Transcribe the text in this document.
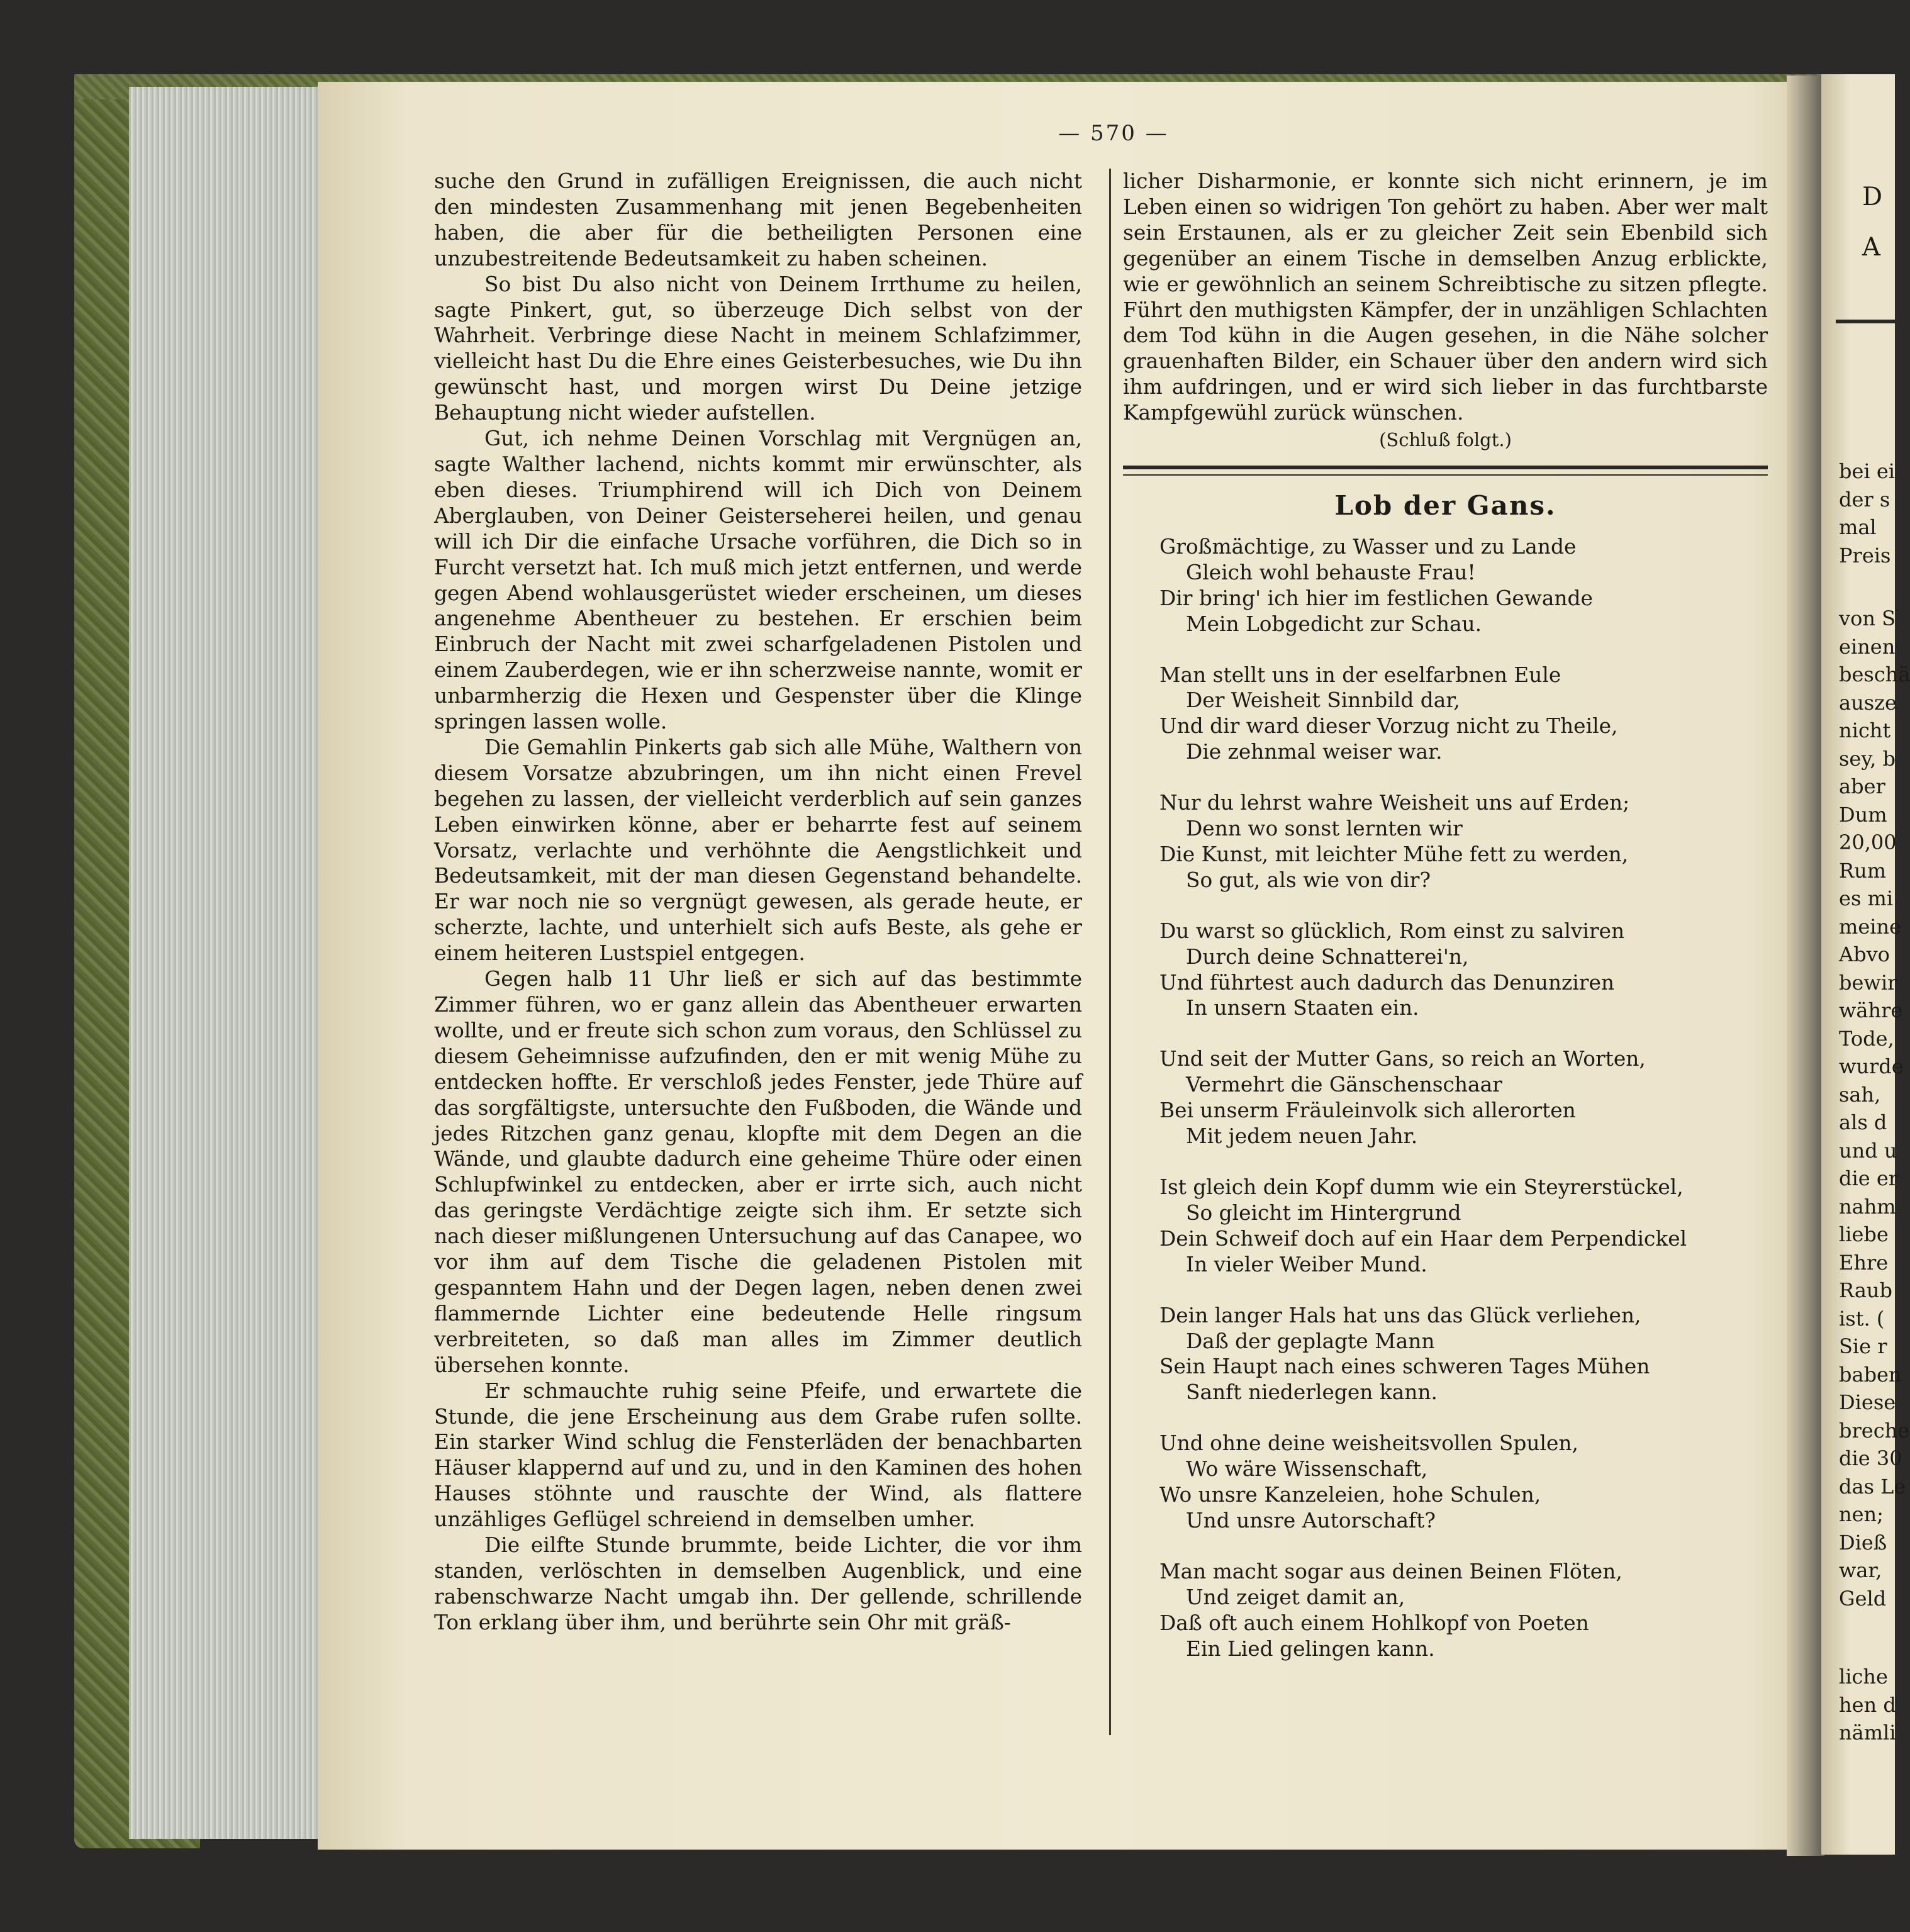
— 570 —

suche den Grund in zufälligen Ereignissen, die auch nicht den mindesten Zusammenhang mit jenen Begebenheiten haben, die aber für die betheiligten Personen eine unzubestreitende Bedeutsamkeit zu haben scheinen.

So bist Du also nicht von Deinem Irrthume zu heilen, sagte Pinkert, gut, so überzeuge Dich selbst von der Wahrheit. Verbringe diese Nacht in meinem Schlafzimmer, vielleicht hast Du die Ehre eines Geisterbesuches, wie Du ihn gewünscht hast, und morgen wirst Du Deine jetzige Behauptung nicht wieder aufstellen.

Gut, ich nehme Deinen Vorschlag mit Vergnügen an, sagte Walther lachend, nichts kommt mir erwünschter, als eben dieses. Triumphirend will ich Dich von Deinem Aberglauben, von Deiner Geisterseherei heilen, und genau will ich Dir die einfache Ursache vorführen, die Dich so in Furcht versetzt hat. Ich muß mich jetzt entfernen, und werde gegen Abend wohlausgerüstet wieder erscheinen, um dieses angenehme Abentheuer zu bestehen. Er erschien beim Einbruch der Nacht mit zwei scharfgeladenen Pistolen und einem Zauberdegen, wie er ihn scherzweise nannte, womit er unbarmherzig die Hexen und Gespenster über die Klinge springen lassen wolle.

Die Gemahlin Pinkerts gab sich alle Mühe, Walthern von diesem Vorsatze abzubringen, um ihn nicht einen Frevel begehen zu lassen, der vielleicht verderblich auf sein ganzes Leben einwirken könne, aber er beharrte fest auf seinem Vorsatz, verlachte und verhöhnte die Aengstlichkeit und Bedeutsamkeit, mit der man diesen Gegenstand behandelte. Er war noch nie so vergnügt gewesen, als gerade heute, er scherzte, lachte, und unterhielt sich aufs Beste, als gehe er einem heiteren Lustspiel entgegen.

Gegen halb 11 Uhr ließ er sich auf das bestimmte Zimmer führen, wo er ganz allein das Abentheuer erwarten wollte, und er freute sich schon zum voraus, den Schlüssel zu diesem Geheimnisse aufzufinden, den er mit wenig Mühe zu entdecken hoffte. Er verschloß jedes Fenster, jede Thüre auf das sorgfältigste, untersuchte den Fußboden, die Wände und jedes Ritzchen ganz genau, klopfte mit dem Degen an die Wände, und glaubte dadurch eine geheime Thüre oder einen Schlupfwinkel zu entdecken, aber er irrte sich, auch nicht das geringste Verdächtige zeigte sich ihm. Er setzte sich nach dieser mißlungenen Untersuchung auf das Canapee, wo vor ihm auf dem Tische die geladenen Pistolen mit gespanntem Hahn und der Degen lagen, neben denen zwei flammernde Lichter eine bedeutende Helle ringsum verbreiteten, so daß man alles im Zimmer deutlich übersehen konnte.

Er schmauchte ruhig seine Pfeife, und erwartete die Stunde, die jene Erscheinung aus dem Grabe rufen sollte. Ein starker Wind schlug die Fensterläden der benachbarten Häuser klappernd auf und zu, und in den Kaminen des hohen Hauses stöhnte und rauschte der Wind, als flattere unzähliges Geflügel schreiend in demselben umher.

Die eilfte Stunde brummte, beide Lichter, die vor ihm standen, verlöschten in demselben Augenblick, und eine rabenschwarze Nacht umgab ihn. Der gellende, schrillende Ton erklang über ihm, und berührte sein Ohr mit gräß-

licher Disharmonie, er konnte sich nicht erinnern, je im Leben einen so widrigen Ton gehört zu haben. Aber wer malt sein Erstaunen, als er zu gleicher Zeit sein Ebenbild sich gegenüber an einem Tische in demselben Anzug erblickte, wie er gewöhnlich an seinem Schreibtische zu sitzen pflegte. Führt den muthigsten Kämpfer, der in unzähligen Schlachten dem Tod kühn in die Augen gesehen, in die Nähe solcher grauenhaften Bilder, ein Schauer über den andern wird sich ihm aufdringen, und er wird sich lieber in das furchtbarste Kampfgewühl zurück wünschen.

(Schluß folgt.)
Lob der Gans.
Großmächtige, zu Wasser und zu Lande
Gleich wohl behauste Frau!
Dir bring' ich hier im festlichen Gewande
Mein Lobgedicht zur Schau.
Man stellt uns in der eselfarbnen Eule
Der Weisheit Sinnbild dar,
Und dir ward dieser Vorzug nicht zu Theile,
Die zehnmal weiser war.
Nur du lehrst wahre Weisheit uns auf Erden;
Denn wo sonst lernten wir
Die Kunst, mit leichter Mühe fett zu werden,
So gut, als wie von dir?
Du warst so glücklich, Rom einst zu salviren
Durch deine Schnatterei'n,
Und führtest auch dadurch das Denunziren
In unsern Staaten ein.
Und seit der Mutter Gans, so reich an Worten,
Vermehrt die Gänschenschaar
Bei unserm Fräuleinvolk sich allerorten
Mit jedem neuen Jahr.
Ist gleich dein Kopf dumm wie ein Steyrerstückel,
So gleicht im Hintergrund
Dein Schweif doch auf ein Haar dem Perpendickel
In vieler Weiber Mund.
Dein langer Hals hat uns das Glück verliehen,
Daß der geplagte Mann
Sein Haupt nach eines schweren Tages Mühen
Sanft niederlegen kann.
Und ohne deine weisheitsvollen Spulen,
Wo wäre Wissenschaft,
Wo unsre Kanzeleien, hohe Schulen,
Und unsre Autorschaft?
Man macht sogar aus deinen Beinen Flöten,
Und zeiget damit an,
Daß oft auch einem Hohlkopf von Poeten
Ein Lied gelingen kann.
D
A
bei ei
der s
mal
Preis
von S
einen
beschä
ausze
nicht
sey, b
aber
Dum
20,00
Rum
es mi
meine
Abvo
bewir
währe
Tode,
wurde
sah,
als d
und u
die er
nahm
liebe
Ehre
Raub
ist. (
Sie r
baben
Diese
breche
die 30
das Le
nen;
Dieß
war,
Geld
liche
hen d
nämli
